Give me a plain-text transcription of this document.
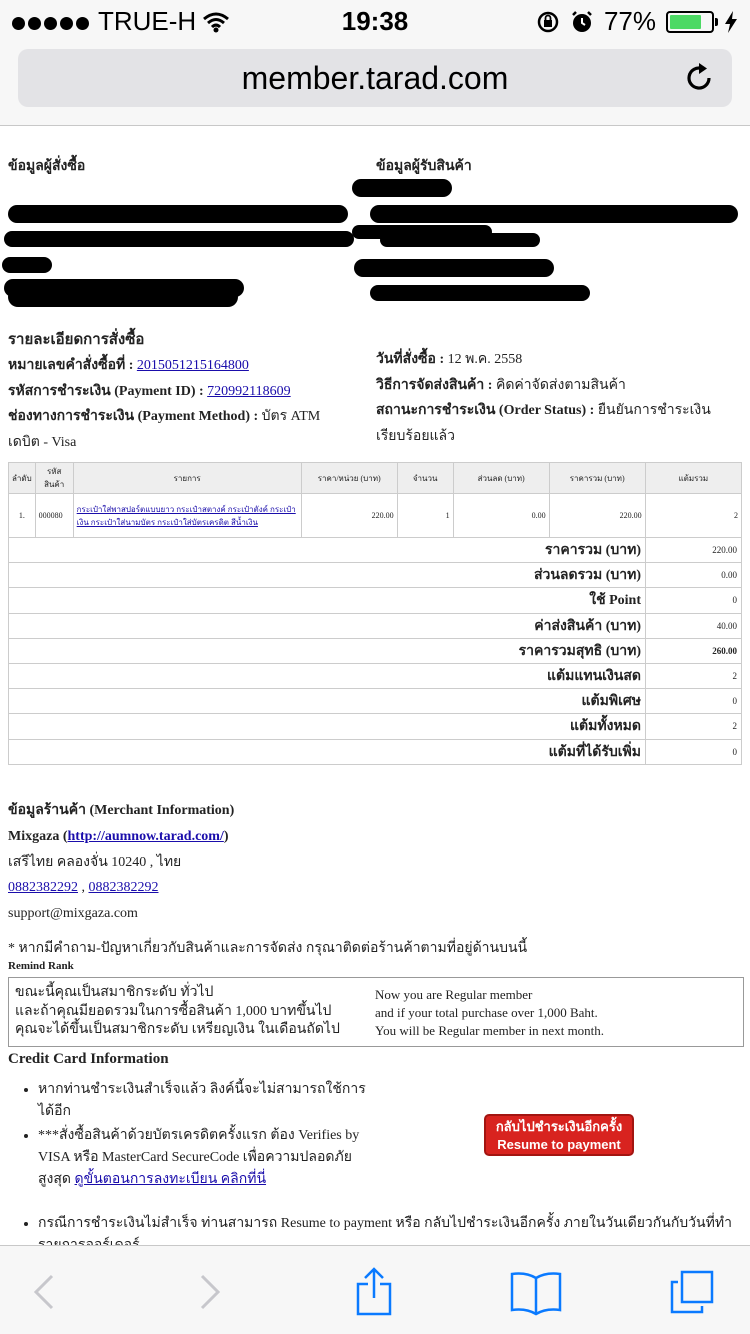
TRUE-H	19:38	77%
member.tarad.com
ข้อมูลผู้สั่งซื้อ	ข้อมูลผู้รับสินค้า
รายละเอียดการสั่งซื้อ
หมายเลขคำสั่งซื้อที่ : 2015051215164800
รหัสการชำระเงิน (Payment ID) : 720992118609
ช่องทางการชำระเงิน (Payment Method) : บัตร ATM
เดบิต - Visa
วันที่สั่งซื้อ : 12 พ.ค. 2558
วิธีการจัดส่งสินค้า : คิดค่าจัดส่งตามสินค้า
สถานะการชำระเงิน (Order Status) : ยืนยันการชำระเงิน
เรียบร้อยแล้ว
ลำดับ	รหัสสินค้า	รายการ	ราคา/หน่วย (บาท)	จำนวน	ส่วนลด (บาท)	ราคารวม (บาท)	แต้มรวม
1.	000080	กระเป๋าใส่พาสปอร์ตแบบยาว กระเป๋าสตางค์ กระเป๋าตังค์ กระเป๋าเงิน กระเป๋าใส่นามบัตร กระเป๋าใส่บัตรเครดิต สีน้ำเงิน	220.00	1	0.00	220.00	2
ราคารวม (บาท)	220.00
ส่วนลดรวม (บาท)	0.00
ใช้ Point	0
ค่าส่งสินค้า (บาท)	40.00
ราคารวมสุทธิ (บาท)	260.00
แต้มแทนเงินสด	2
แต้มพิเศษ	0
แต้มทั้งหมด	2
แต้มที่ได้รับเพิ่ม	0
ข้อมูลร้านค้า (Merchant Information)
Mixgaza (http://aumnow.tarad.com/)
เสรีไทย คลองจั่น 10240 , ไทย
0882382292 , 0882382292
support@mixgaza.com
* หากมีคำถาม-ปัญหาเกี่ยวกับสินค้าและการจัดส่ง กรุณาติดต่อร้านค้าตามที่อยู่ด้านบนนี้
Remind Rank
ขณะนี้คุณเป็นสมาชิกระดับ ทั่วไป
และถ้าคุณมียอดรวมในการซื้อสินค้า 1,000 บาทขึ้นไป
คุณจะได้ขึ้นเป็นสมาชิกระดับ เหรียญเงิน ในเดือนถัดไป
Now you are Regular member
and if your total purchase over 1,000 Baht.
You will be Regular member in next month.
Credit Card Information
• หากท่านชำระเงินสำเร็จแล้ว ลิงค์นี้จะไม่สามารถใช้การได้อีก
• ***สั่งซื้อสินค้าด้วยบัตรเครดิตครั้งแรก ต้อง Verifies by VISA หรือ MasterCard SecureCode เพื่อความปลอดภัยสูงสุด ดูขั้นตอนการลงทะเบียน คลิกที่นี่
กลับไปชำระเงินอีกครั้ง
Resume to payment
• กรณีการชำระเงินไม่สำเร็จ ท่านสามารถ Resume to payment หรือ กลับไปชำระเงินอีกครั้ง ภายในวันเดียวกันกับวันที่ทำ
